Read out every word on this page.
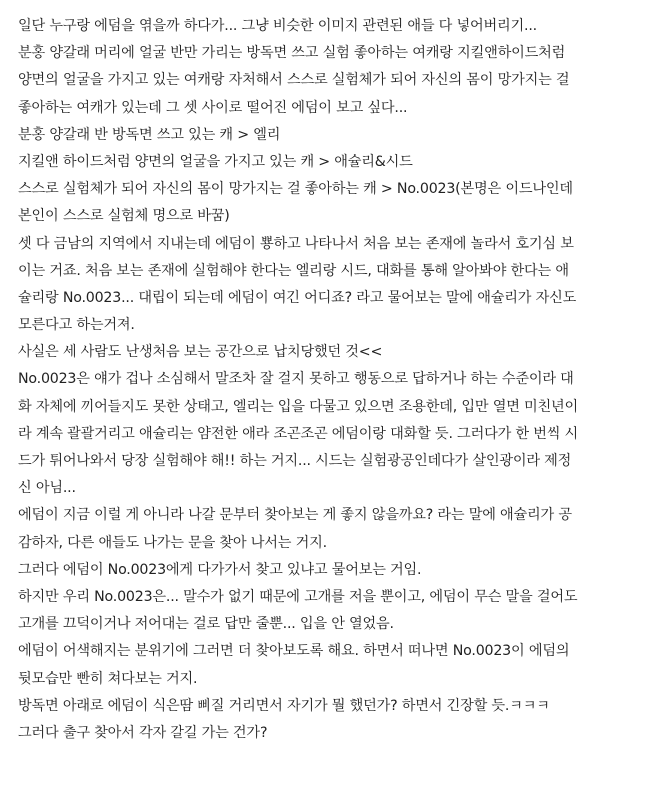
일단 누구랑 에덤을 엮을까 하다가... 그냥 비슷한 이미지 관련된 애들 다 넣어버리기...

분홍 양갈래 머리에 얼굴 반만 가리는 방독면 쓰고 실험 좋아하는 여캐랑 지킬앤하이드처럼

양면의 얼굴을 가지고 있는 여캐랑 자처해서 스스로 실험체가 되어 자신의 몸이 망가지는 걸

좋아하는 여캐가 있는데 그 셋 사이로 떨어진 에덤이 보고 싶다...

분홍 양갈래 반 방독면 쓰고 있는 캐 > 엘리

지킬앤 하이드처럼 양면의 얼굴을 가지고 있는 캐 > 애슐리&시드

스스로 실험체가 되어 자신의 몸이 망가지는 걸 좋아하는 캐 > No.0023(본명은 이드나인데

본인이 스스로 실험체 명으로 바꿈)

셋 다 금남의 지역에서 지내는데 에덤이 뿅하고 나타나서 처음 보는 존재에 놀라서 호기심 보

이는 거죠. 처음 보는 존재에 실험해야 한다는 엘리랑 시드, 대화를 통해 알아봐야 한다는 애

슐리랑 No.0023... 대립이 되는데 에덤이 여긴 어디죠? 라고 물어보는 말에 애슐리가 자신도

모른다고 하는거져.

사실은 세 사람도 난생처음 보는 공간으로 납치당했던 것<<

No.0023은 얘가 겁나 소심해서 말조차 잘 걸지 못하고 행동으로 답하거나 하는 수준이라 대

화 자체에 끼어들지도 못한 상태고, 엘리는 입을 다물고 있으면 조용한데, 입만 열면 미친년이

라 계속 괄괄거리고 애슐리는 얌전한 애라 조곤조곤 에덤이랑 대화할 듯. 그러다가 한 번씩 시

드가 튀어나와서 당장 실험해야 해!! 하는 거지... 시드는 실험광공인데다가 살인광이라 제정

신 아님...

에덤이 지금 이럴 게 아니라 나갈 문부터 찾아보는 게 좋지 않을까요? 라는 말에 애슐리가 공

감하자, 다른 애들도 나가는 문을 찾아 나서는 거지.

그러다 에덤이 No.0023에게 다가가서 찾고 있냐고 물어보는 거임.

하지만 우리 No.0023은... 말수가 없기 때문에 고개를 저을 뿐이고, 에덤이 무슨 말을 걸어도

고개를 끄덕이거나 저어대는 걸로 답만 줄뿐... 입을 안 열었음.

에덤이 어색해지는 분위기에 그러면 더 찾아보도록 해요. 하면서 떠나면 No.0023이 에덤의

뒷모습만 빤히 쳐다보는 거지.

방독면 아래로 에덤이 식은땀 삐질 거리면서 자기가 뭘 했던가? 하면서 긴장할 듯.ㅋㅋㅋ

그러다 출구 찾아서 각자 갈길 가는 건가?
